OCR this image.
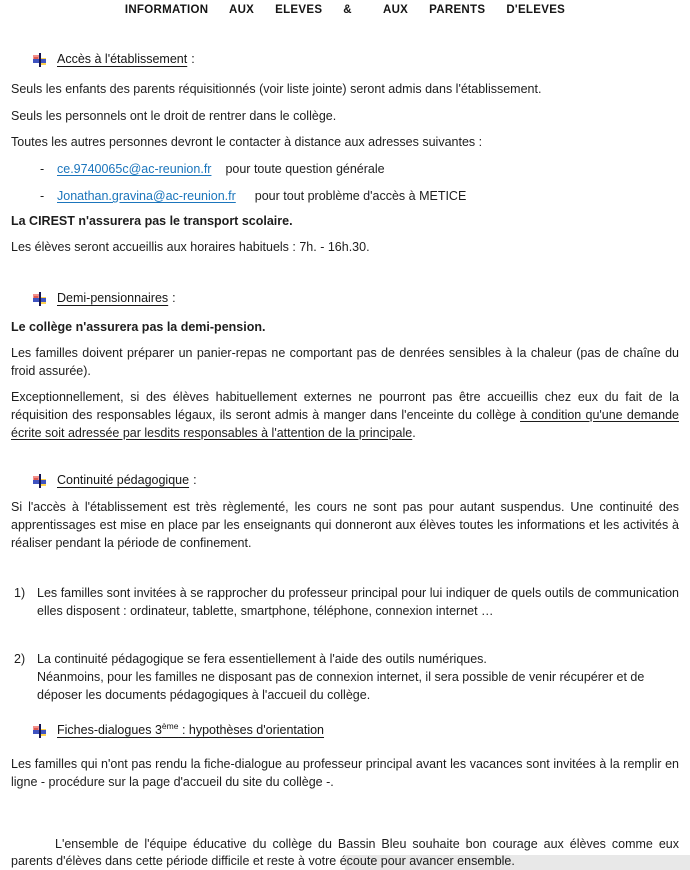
INFORMATION  AUX  ELEVES  &   AUX  PARENTS  D'ELEVES
Accès à l'établissement :

Seuls les enfants des parents réquisitionnés (voir liste jointe) seront admis dans l'établissement.

Seuls les personnels ont le droit de rentrer dans le collège.

Toutes les autres personnes devront le contacter à distance aux adresses suivantes :

-	ce.9740065c@ac-reunion.fr pour toute question générale
-	Jonathan.gravina@ac-reunion.fr pour tout problème d'accès à METICE

La CIREST n'assurera pas le transport scolaire.

Les élèves seront accueillis aux horaires habituels : 7h. - 16h.30.

Demi-pensionnaires :

Le collège n'assurera pas la demi-pension.

Les familles doivent préparer un panier-repas ne comportant pas de denrées sensibles à la chaleur (pas de chaîne du froid assurée).

Exceptionnellement, si des élèves habituellement externes ne pourront pas être accueillis chez eux du fait de la réquisition des responsables légaux, ils seront admis à manger dans l'enceinte du collège à condition qu'une demande écrite soit adressée par lesdits responsables à l'attention de la principale.

Continuité pédagogique :

Si l'accès à l'établissement est très règlementé, les cours ne sont pas pour autant suspendus. Une continuité des apprentissages est mise en place par les enseignants qui donneront aux élèves toutes les informations et les activités à réaliser pendant la période de confinement.

1) Les familles sont invitées à se rapprocher du professeur principal pour lui indiquer de quels outils de communication elles disposent : ordinateur, tablette, smartphone, téléphone, connexion internet …
2) La continuité pédagogique se fera essentiellement à l'aide des outils numériques.
Néanmoins, pour les familles ne disposant pas de connexion internet, il sera possible de venir récupérer et de déposer les documents pédagogiques à l'accueil du collège.
Fiches-dialogues 3ème : hypothèses d'orientation

Les familles qui n'ont pas rendu la fiche-dialogue au professeur principal avant les vacances sont invitées à la remplir en ligne - procédure sur la page d'accueil du site du collège -.

L'ensemble de l'équipe éducative du collège du Bassin Bleu souhaite bon courage aux élèves comme eux parents d'élèves dans cette période difficile et reste à votre écoute pour avancer ensemble.
